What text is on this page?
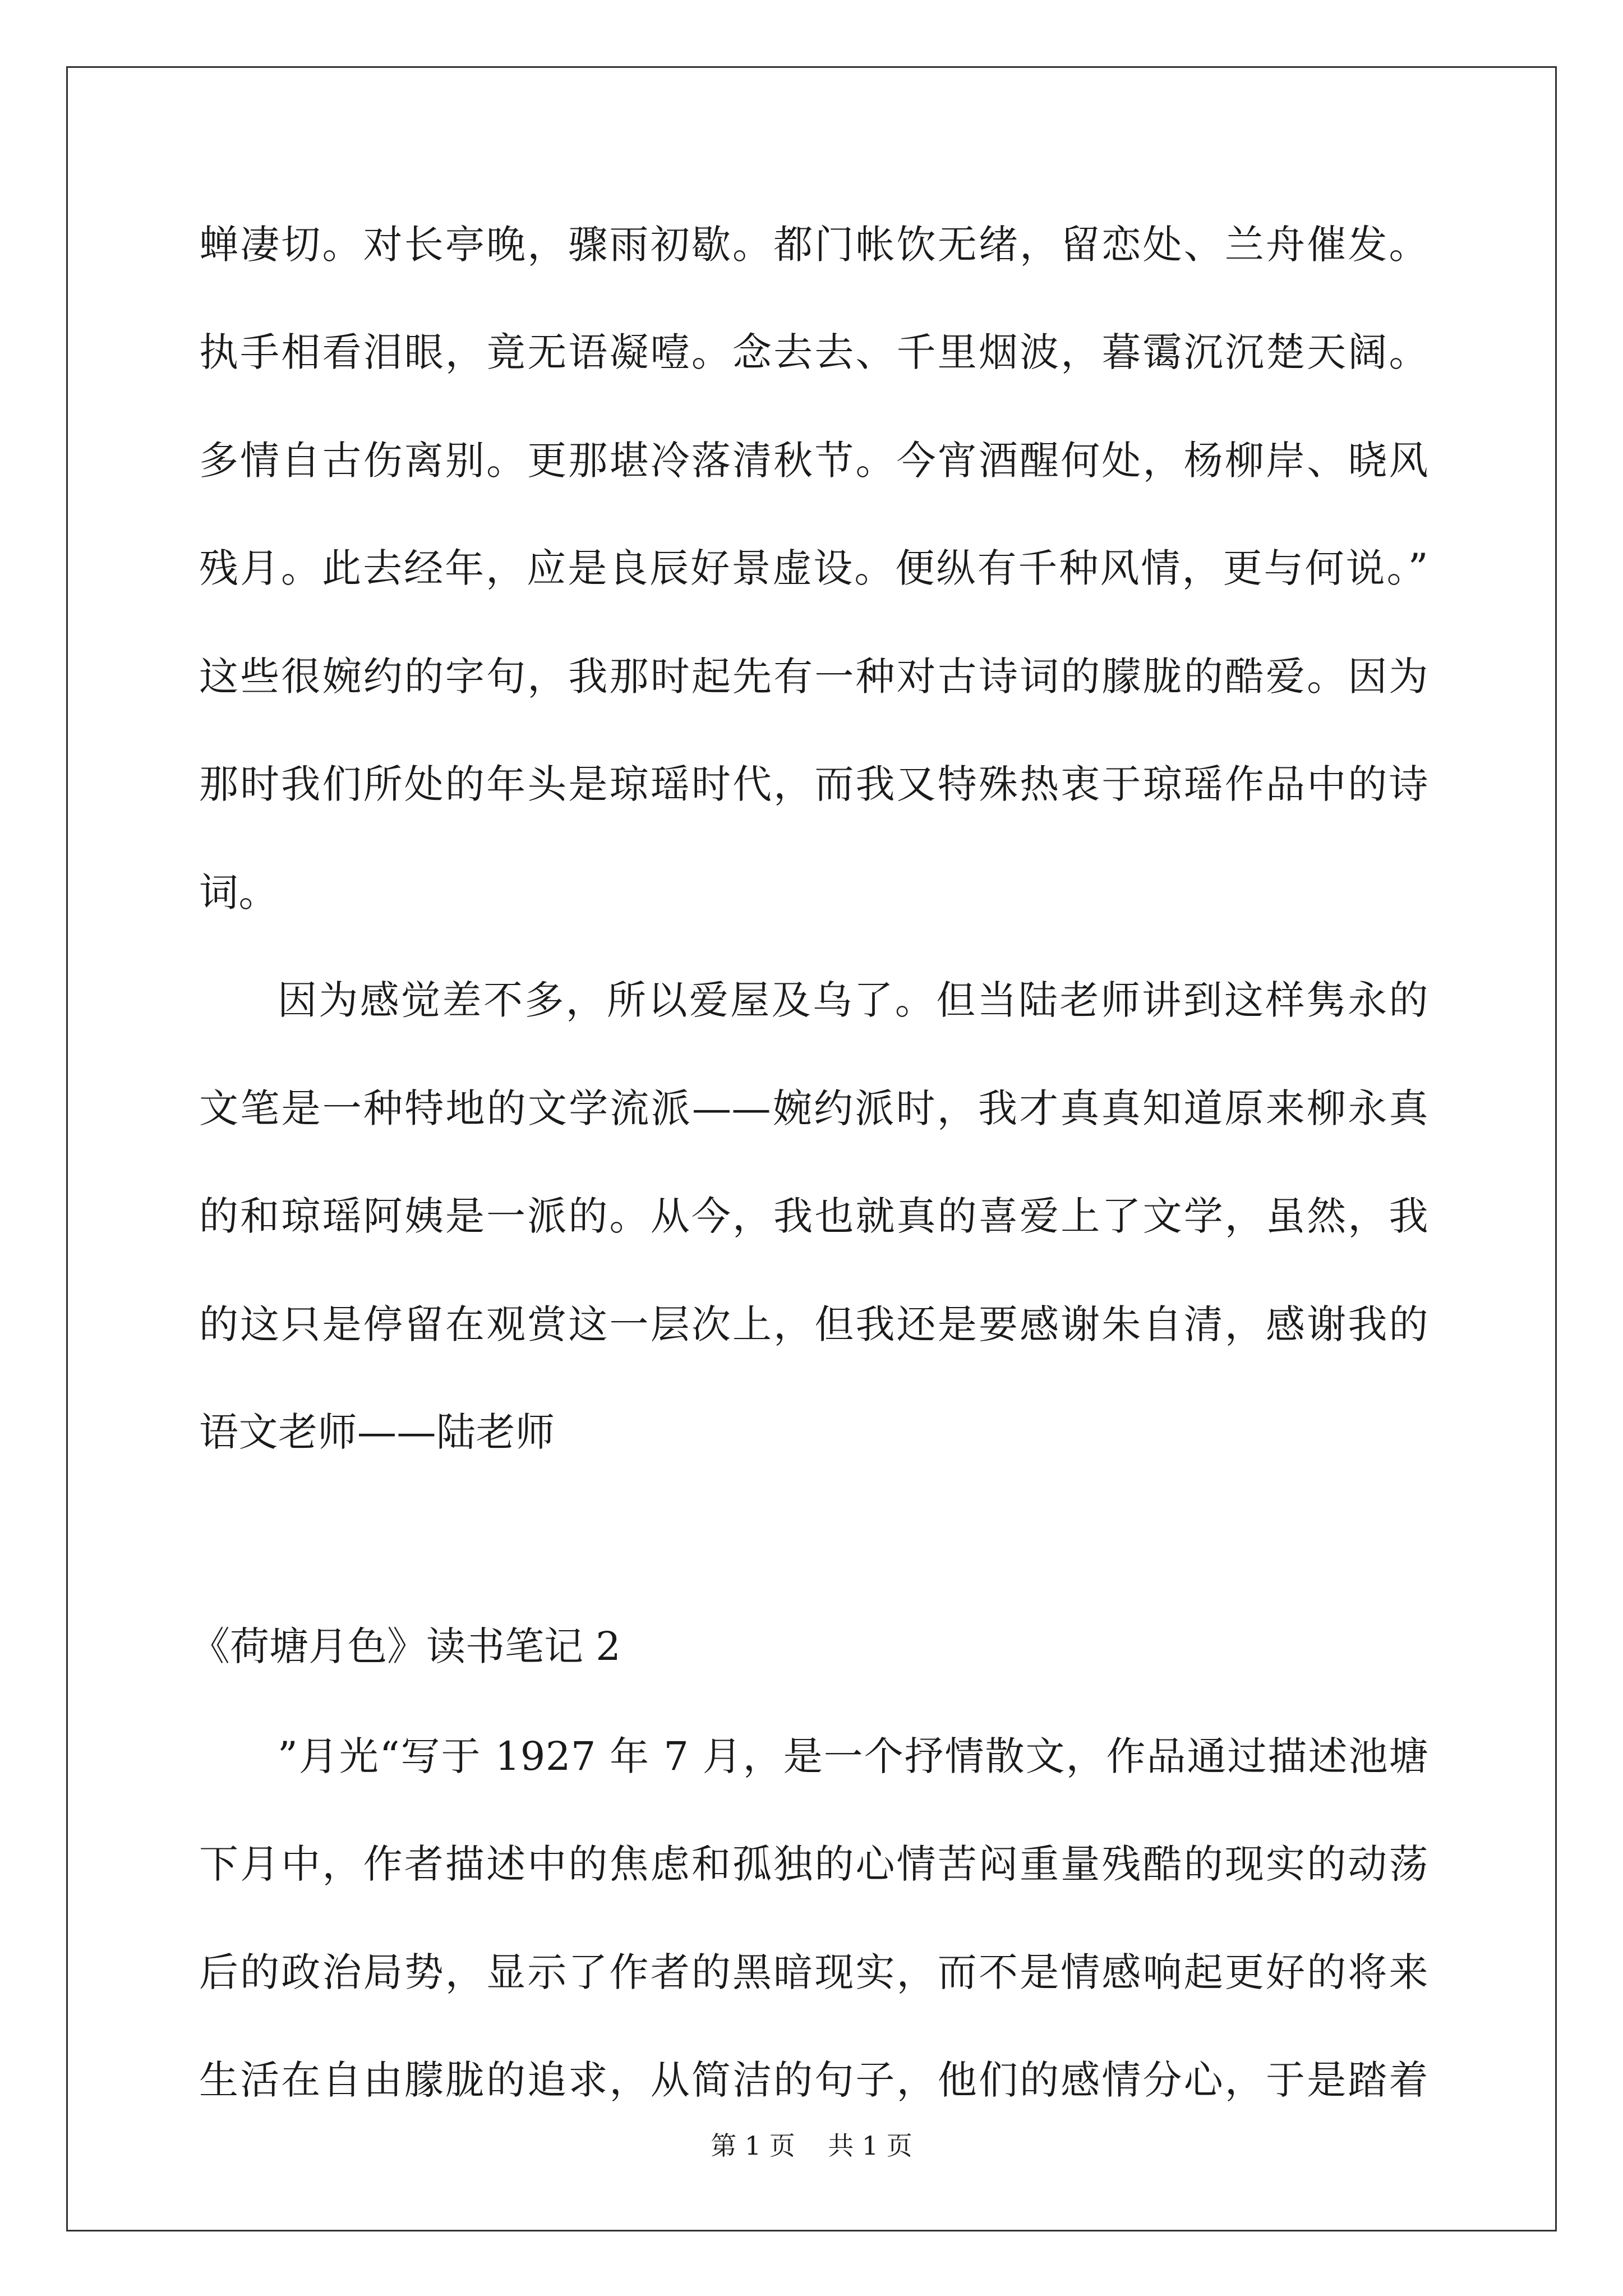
蝉凄切。对长亭晚，骤雨初歇。都门帐饮无绪，留恋处、兰舟催发。
执手相看泪眼，竟无语凝噎。念去去、千里烟波，暮霭沉沉楚天阔。
多情自古伤离别。更那堪冷落清秋节。今宵酒醒何处，杨柳岸、晓风
残月。此去经年，应是良辰好景虚设。便纵有千种风情，更与何说。”
这些很婉约的字句，我那时起先有一种对古诗词的朦胧的酷爱。因为
那时我们所处的年头是琼瑶时代，而我又特殊热衷于琼瑶作品中的诗
词。
因为感觉差不多，所以爱屋及乌了。但当陆老师讲到这样隽永的
文笔是一种特地的文学流派——婉约派时，我才真真知道原来柳永真
的和琼瑶阿姨是一派的。从今，我也就真的喜爱上了文学，虽然，我
的这只是停留在观赏这一层次上，但我还是要感谢朱自清，感谢我的
语文老师——陆老师
《荷塘月色》读书笔记 2
”月光“写于 1927 年 7 月，是一个抒情散文，作品通过描述池塘
下月中，作者描述中的焦虑和孤独的心情苦闷重量残酷的现实的动荡
后的政治局势，显示了作者的黑暗现实，而不是情感响起更好的将来
生活在自由朦胧的追求，从简洁的句子，他们的感情分心，于是踏着
第 1 页    共 1 页
